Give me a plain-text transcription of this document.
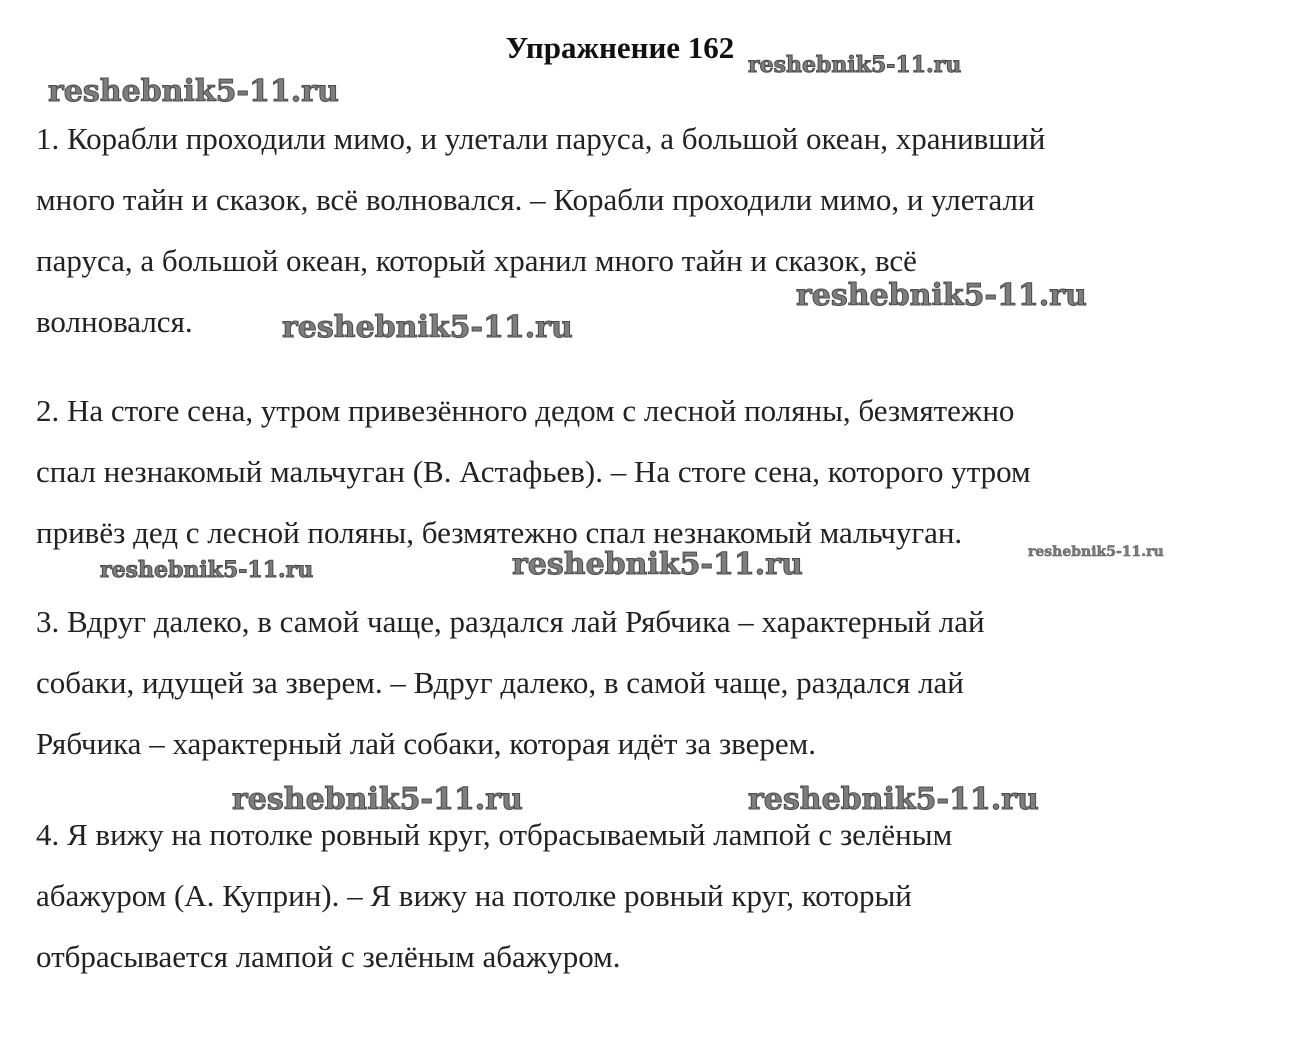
Упражнение 162
1. Корабли проходили мимо, и улетали паруса, а большой океан, хранивший
много тайн и сказок, всё волновался. – Корабли проходили мимо, и улетали
паруса, а большой океан, который хранил много тайн и сказок, всё
волновался.
2. На стоге сена, утром привезённого дедом с лесной поляны, безмятежно
спал незнакомый мальчуган (В. Астафьев). – На стоге сена, которого утром
привёз дед с лесной поляны, безмятежно спал незнакомый мальчуган.
3. Вдруг далеко, в самой чаще, раздался лай Рябчика – характерный лай
собаки, идущей за зверем. – Вдруг далеко, в самой чаще, раздался лай
Рябчика – характерный лай собаки, которая идёт за зверем.
4. Я вижу на потолке ровный круг, отбрасываемый лампой с зелёным
абажуром (А. Куприн). – Я вижу на потолке ровный круг, который
отбрасывается лампой с зелёным абажуром.
reshebnik5-11.ru
reshebnik5-11.ru
reshebnik5-11.ru
reshebnik5-11.ru
reshebnik5-11.ru	reshebnik5-11.ru	reshebnik5-11.ru
reshebnik5-11.ru	reshebnik5-11.ru
